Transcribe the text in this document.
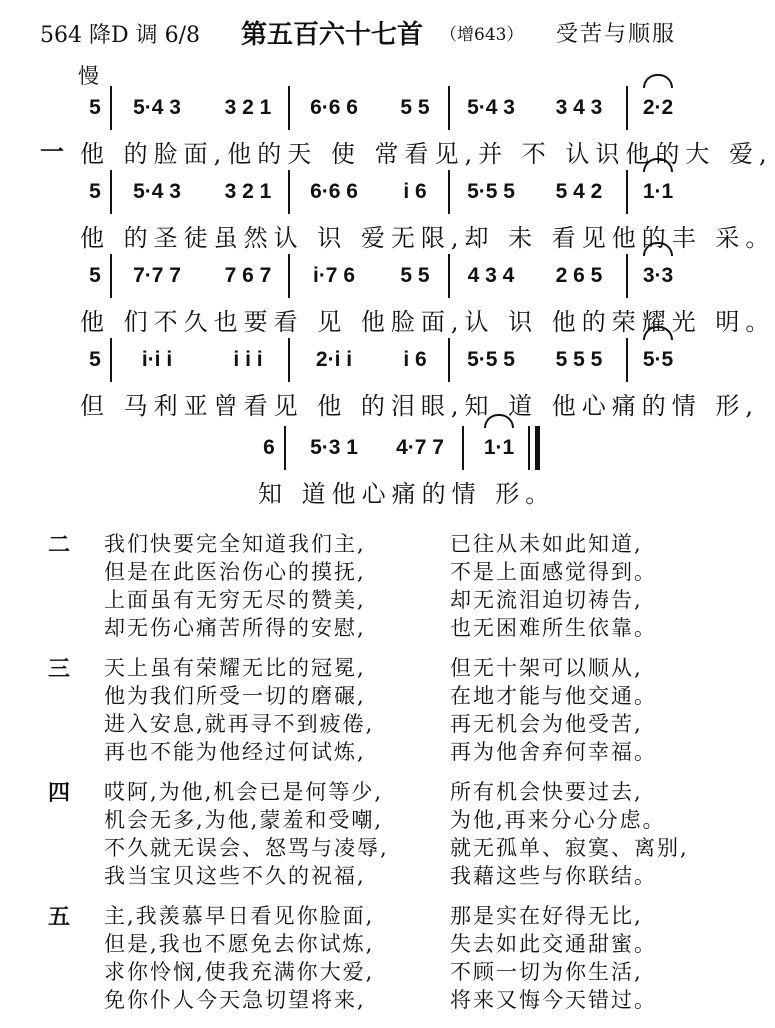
564 降D 调 6/8 第五百六十七首 （增643） 受苦与顺服
慢
5	5·4 3	3 2 1	6·6 6	5 5	5·4 3	3 4 3	2·2
一 他 的脸面,他的天 使 常看见,并 不 认识他的大 爱,
5	5·4 3	3 2 1	6·6 6	i 6	5·5 5	5 4 2	1·1
他 的圣徒虽然认 识 爱无限,却 未 看见他的丰 采。
5	7·7 7	7 6 7	i·7 6	5 5	4 3 4	2 6 5	3·3
他 们不久也要看 见 他脸面,认 识 他的荣耀光 明。
5	i·i i	i i i	2·i i	i 6	5·5 5	5 5 5	5·5
但 马利亚曾看见 他 的泪眼,知 道 他心痛的情 形,
6	5·3 1	4·7 7	1·1
知 道他心痛的情 形。
二 我们快要完全知道我们主,	已往从未如此知道,
但是在此医治伤心的摸抚,	不是上面感觉得到。
上面虽有无穷无尽的赞美,	却无流泪迫切祷告,
却无伤心痛苦所得的安慰,	也无困难所生依靠。
三 天上虽有荣耀无比的冠冕,	但无十架可以顺从,
他为我们所受一切的磨碾,	在地才能与他交通。
进入安息,就再寻不到疲倦,	再无机会为他受苦,
再也不能为他经过何试炼,	再为他舍弃何幸福。
四 哎阿,为他,机会已是何等少,	所有机会快要过去,
机会无多,为他,蒙羞和受嘲,	为他,再来分心分虑。
不久就无误会、怒骂与凌辱,	就无孤单、寂寞、离别,
我当宝贝这些不久的祝福,	我藉这些与你联结。
五 主,我羡慕早日看见你脸面,	那是实在好得无比,
但是,我也不愿免去你试炼,	失去如此交通甜蜜。
求你怜悯,使我充满你大爱,	不顾一切为你生活,
免你仆人今天急切望将来,	将来又悔今天错过。
